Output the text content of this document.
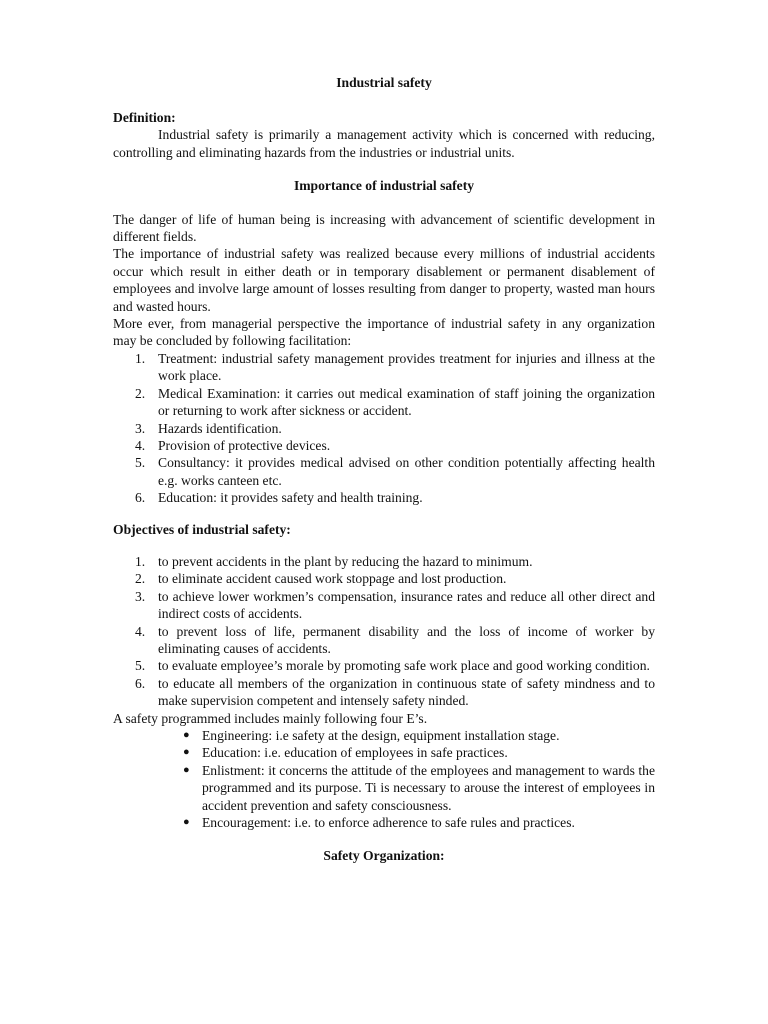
Industrial safety

Definition:

Industrial safety is primarily a management activity which is concerned with reducing, controlling and eliminating hazards from the industries or industrial units.

Importance of industrial safety

The danger of life of human being is increasing with advancement of scientific development in different fields.

The importance of industrial safety was realized because every millions of industrial accidents occur which result in either death or in temporary disablement or permanent disablement of employees and involve large amount of losses resulting from danger to property, wasted man hours and wasted hours.

More ever, from managerial perspective the importance of industrial safety in any organization may be concluded by following facilitation:

1. Treatment: industrial safety management provides treatment for injuries and illness at the work place.
2. Medical Examination: it carries out medical examination of staff joining the organization or returning to work after sickness or accident.
3. Hazards identification.
4. Provision of protective devices.
5. Consultancy: it provides medical advised on other condition potentially affecting health e.g. works canteen etc.
6. Education: it provides safety and health training.

Objectives of industrial safety:

1. to prevent accidents in the plant by reducing the hazard to minimum.
2. to eliminate accident caused work stoppage and lost production.
3. to achieve lower workmen’s compensation, insurance rates and reduce all other direct and indirect costs of accidents.
4. to prevent loss of life, permanent disability and the loss of income of worker by eliminating causes of accidents.
5. to evaluate employee’s morale by promoting safe work place and good working condition.
6. to educate all members of the organization in continuous state of safety mindness and to make supervision competent and intensely safety ninded.

A safety programmed includes mainly following four E’s.

● Engineering: i.e safety at the design, equipment installation stage.
● Education: i.e. education of employees in safe practices.
● Enlistment: it concerns the attitude of the employees and management to wards the programmed and its purpose. Ti is necessary to arouse the interest of employees in accident prevention and safety consciousness.
● Encouragement: i.e. to enforce adherence to safe rules and practices.

Safety Organization:
